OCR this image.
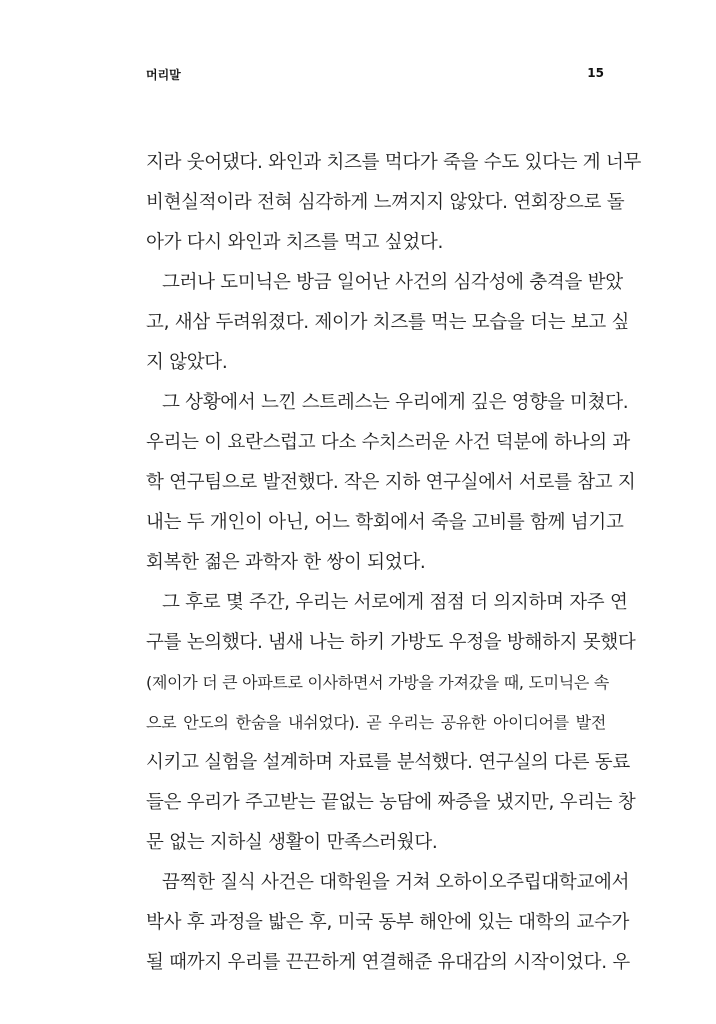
머리말	15
지라 웃어댔다. 와인과 치즈를 먹다가 죽을 수도 있다는 게 너무
비현실적이라 전혀 심각하게 느껴지지 않았다. 연회장으로 돌
아가 다시 와인과 치즈를 먹고 싶었다.
그러나 도미닉은 방금 일어난 사건의 심각성에 충격을 받았
고, 새삼 두려워졌다. 제이가 치즈를 먹는 모습을 더는 보고 싶
지 않았다.
그 상황에서 느낀 스트레스는 우리에게 깊은 영향을 미쳤다.
우리는 이 요란스럽고 다소 수치스러운 사건 덕분에 하나의 과
학 연구팀으로 발전했다. 작은 지하 연구실에서 서로를 참고 지
내는 두 개인이 아닌, 어느 학회에서 죽을 고비를 함께 넘기고
회복한 젊은 과학자 한 쌍이 되었다.
그 후로 몇 주간, 우리는 서로에게 점점 더 의지하며 자주 연
구를 논의했다. 냄새 나는 하키 가방도 우정을 방해하지 못했다
(제이가 더 큰 아파트로 이사하면서 가방을 가져갔을 때, 도미닉은 속
으로 안도의 한숨을 내쉬었다). 곧 우리는 공유한 아이디어를 발전
시키고 실험을 설계하며 자료를 분석했다. 연구실의 다른 동료
들은 우리가 주고받는 끝없는 농담에 짜증을 냈지만, 우리는 창
문 없는 지하실 생활이 만족스러웠다.
끔찍한 질식 사건은 대학원을 거쳐 오하이오주립대학교에서
박사 후 과정을 밟은 후, 미국 동부 해안에 있는 대학의 교수가
될 때까지 우리를 끈끈하게 연결해준 유대감의 시작이었다. 우
